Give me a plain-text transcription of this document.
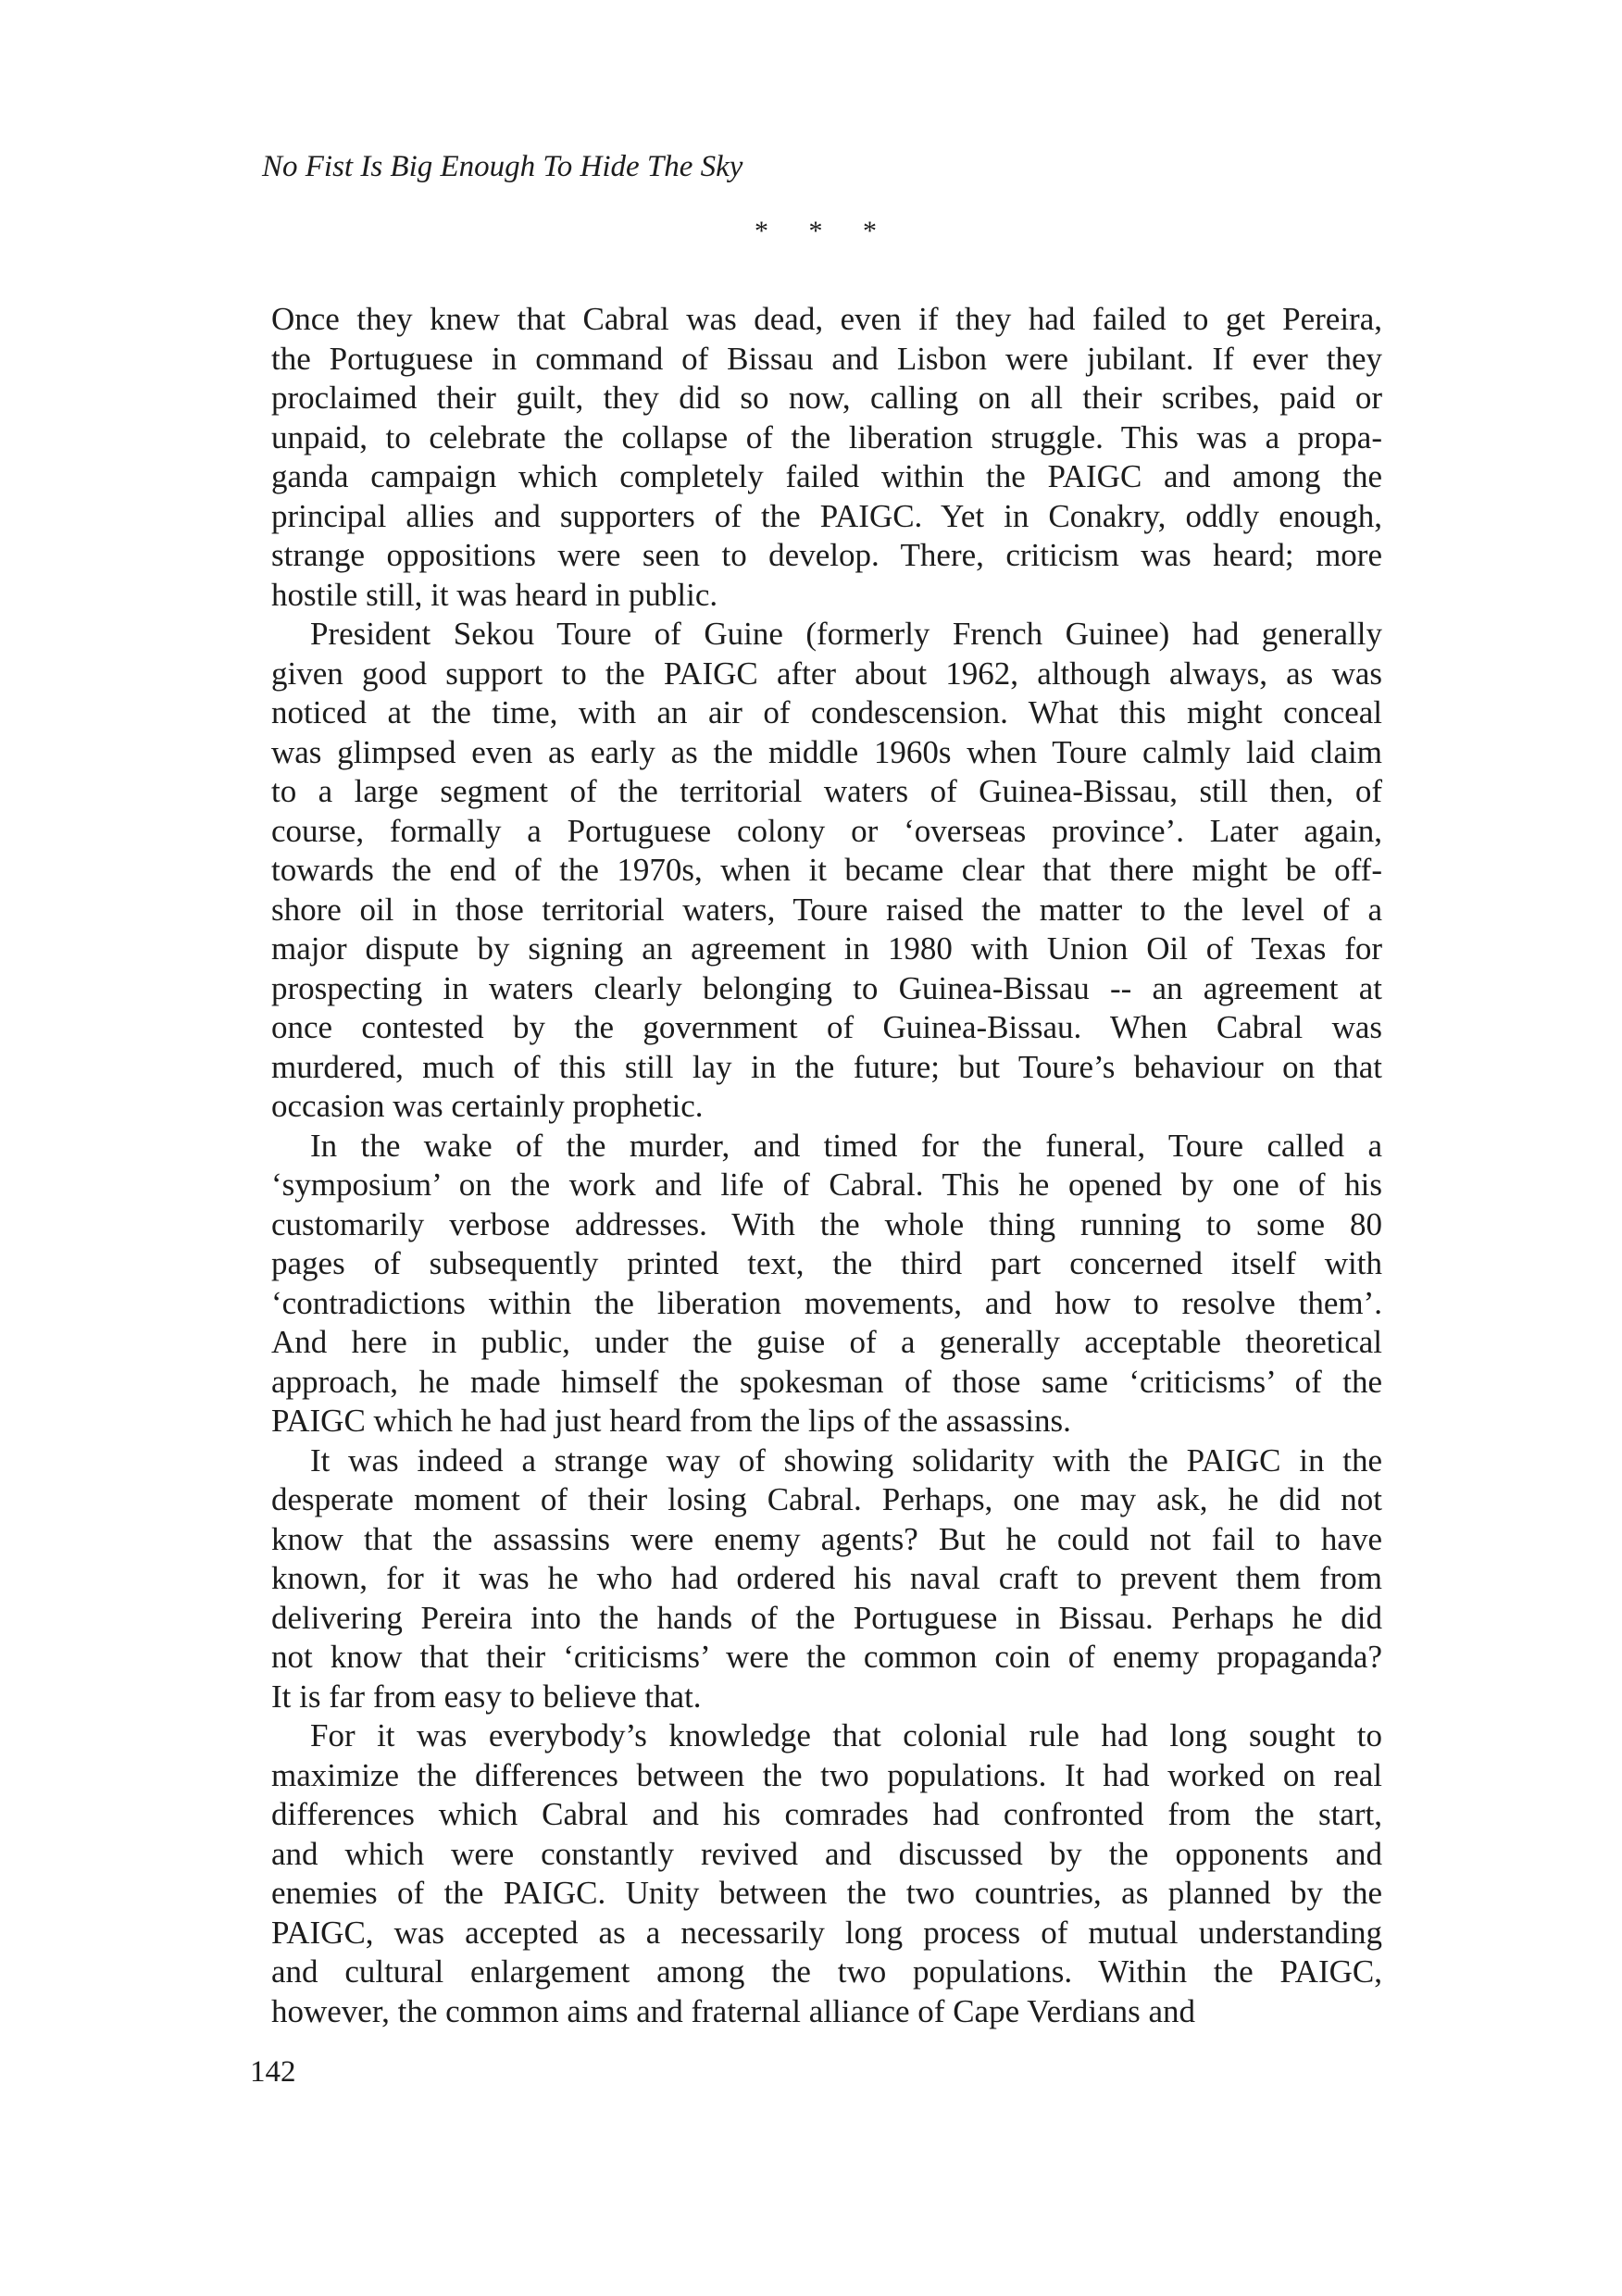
No Fist Is Big Enough To Hide The Sky
* * *
Once they knew that Cabral was dead, even if they had failed to get Pereira,
the Portuguese in command of Bissau and Lisbon were jubilant. If ever they
proclaimed their guilt, they did so now, calling on all their scribes, paid or
unpaid, to celebrate the collapse of the liberation struggle. This was a propa-
ganda campaign which completely failed within the PAIGC and among the
principal allies and supporters of the PAIGC. Yet in Conakry, oddly enough,
strange oppositions were seen to develop. There, criticism was heard; more
hostile still, it was heard in public.
President Sekou Toure of Guine (formerly French Guinee) had generally
given good support to the PAIGC after about 1962, although always, as was
noticed at the time, with an air of condescension. What this might conceal
was glimpsed even as early as the middle 1960s when Toure calmly laid claim
to a large segment of the territorial waters of Guinea-Bissau, still then, of
course, formally a Portuguese colony or ‘overseas province’. Later again,
towards the end of the 1970s, when it became clear that there might be off-
shore oil in those territorial waters, Toure raised the matter to the level of a
major dispute by signing an agreement in 1980 with Union Oil of Texas for
prospecting in waters clearly belonging to Guinea-Bissau -- an agreement at
once contested by the government of Guinea-Bissau. When Cabral was
murdered, much of this still lay in the future; but Toure’s behaviour on that
occasion was certainly prophetic.
In the wake of the murder, and timed for the funeral, Toure called a
‘symposium’ on the work and life of Cabral. This he opened by one of his
customarily verbose addresses. With the whole thing running to some 80
pages of subsequently printed text, the third part concerned itself with
‘contradictions within the liberation movements, and how to resolve them’.
And here in public, under the guise of a generally acceptable theoretical
approach, he made himself the spokesman of those same ‘criticisms’ of the
PAIGC which he had just heard from the lips of the assassins.
It was indeed a strange way of showing solidarity with the PAIGC in the
desperate moment of their losing Cabral. Perhaps, one may ask, he did not
know that the assassins were enemy agents? But he could not fail to have
known, for it was he who had ordered his naval craft to prevent them from
delivering Pereira into the hands of the Portuguese in Bissau. Perhaps he did
not know that their ‘criticisms’ were the common coin of enemy propaganda?
It is far from easy to believe that.
For it was everybody’s knowledge that colonial rule had long sought to
maximize the differences between the two populations. It had worked on real
differences which Cabral and his comrades had confronted from the start,
and which were constantly revived and discussed by the opponents and
enemies of the PAIGC. Unity between the two countries, as planned by the
PAIGC, was accepted as a necessarily long process of mutual understanding
and cultural enlargement among the two populations. Within the PAIGC,
however, the common aims and fraternal alliance of Cape Verdians and
142
